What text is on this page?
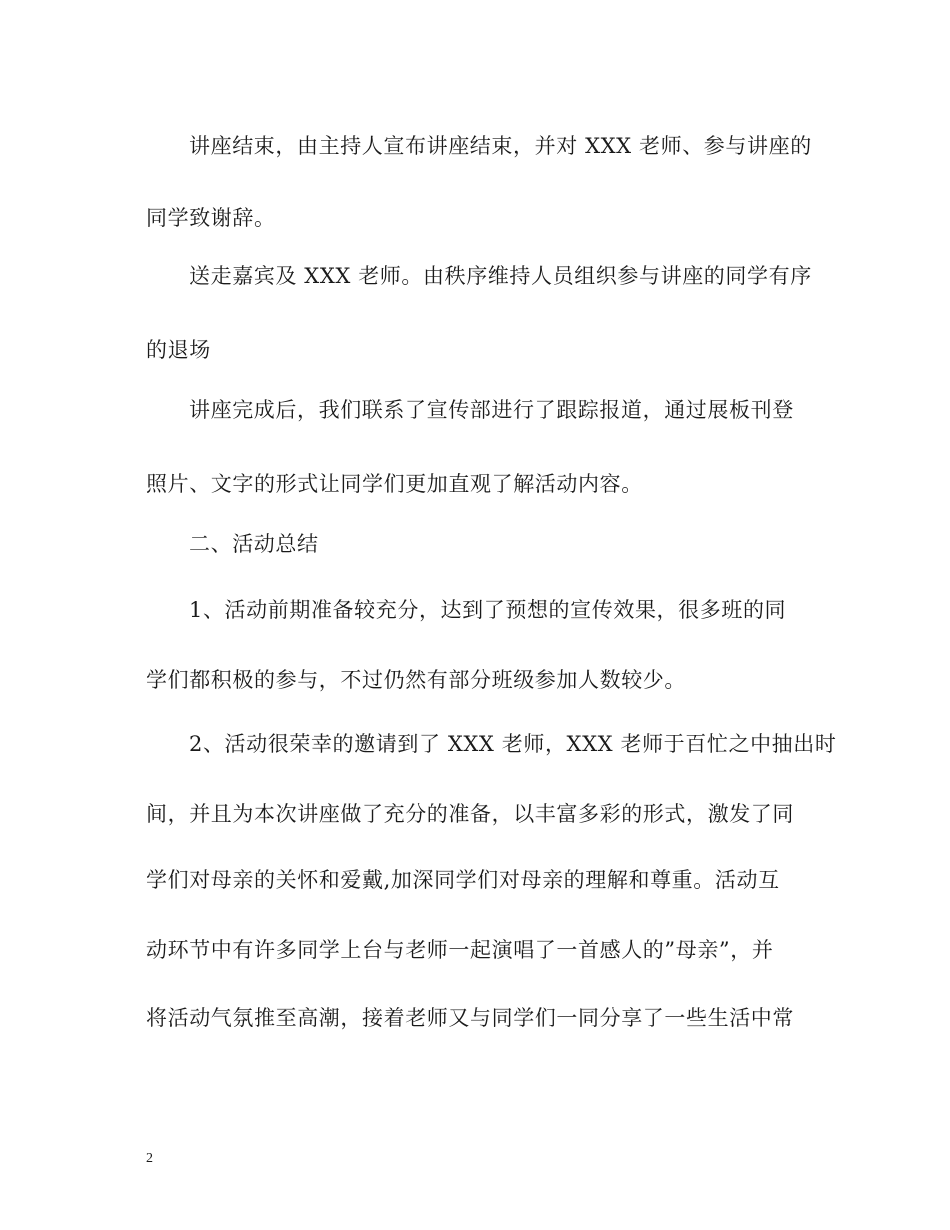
讲座结束，由主持人宣布讲座结束，并对 XXX 老师、参与讲座的
同学致谢辞。
送走嘉宾及 XXX 老师。由秩序维持人员组织参与讲座的同学有序
的退场
讲座完成后，我们联系了宣传部进行了跟踪报道，通过展板刊登
照片、文字的形式让同学们更加直观了解活动内容。
二、活动总结
1、活动前期准备较充分，达到了预想的宣传效果，很多班的同
学们都积极的参与，不过仍然有部分班级参加人数较少。
2、活动很荣幸的邀请到了 XXX 老师，XXX 老师于百忙之中抽出时
间，并且为本次讲座做了充分的准备，以丰富多彩的形式，激发了同
学们对母亲的关怀和爱戴,加深同学们对母亲的理解和尊重。活动互
动环节中有许多同学上台与老师一起演唱了一首感人的”母亲”，并
将活动气氛推至高潮，接着老师又与同学们一同分享了一些生活中常
2
